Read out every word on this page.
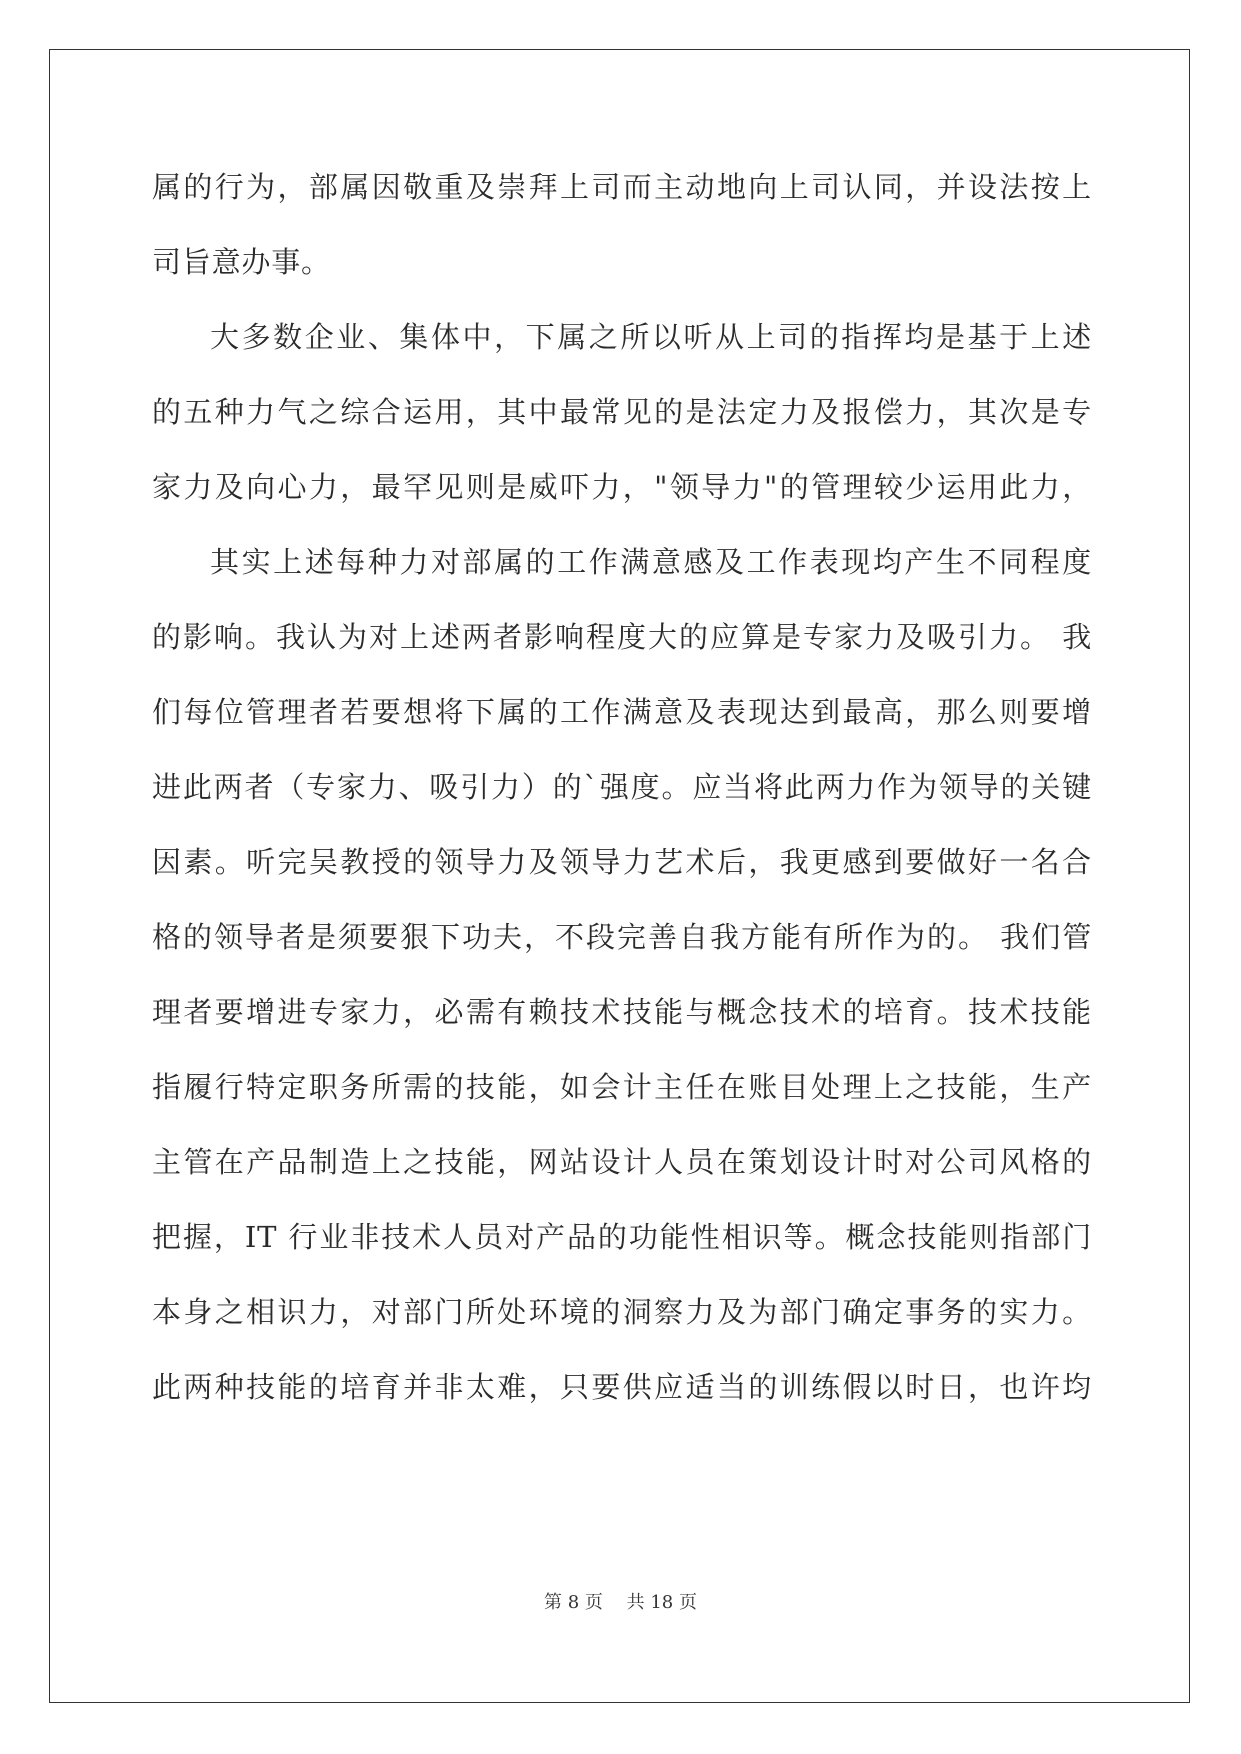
属的行为，部属因敬重及崇拜上司而主动地向上司认同，并设法按上
司旨意办事。
大多数企业、集体中，下属之所以听从上司的指挥均是基于上述
的五种力气之综合运用，其中最常见的是法定力及报偿力，其次是专
家力及向心力，最罕见则是威吓力，"领导力"的管理较少运用此力，
其实上述每种力对部属的工作满意感及工作表现均产生不同程度
的影响。我认为对上述两者影响程度大的应算是专家力及吸引力。 我
们每位管理者若要想将下属的工作满意及表现达到最高，那么则要增
进此两者（专家力、吸引力）的`强度。应当将此两力作为领导的关键
因素。听完吴教授的领导力及领导力艺术后，我更感到要做好一名合
格的领导者是须要狠下功夫，不段完善自我方能有所作为的。 我们管
理者要增进专家力，必需有赖技术技能与概念技术的培育。技术技能
指履行特定职务所需的技能，如会计主任在账目处理上之技能，生产
主管在产品制造上之技能，网站设计人员在策划设计时对公司风格的
把握，IT 行业非技术人员对产品的功能性相识等。概念技能则指部门
本身之相识力，对部门所处环境的洞察力及为部门确定事务的实力。
此两种技能的培育并非太难，只要供应适当的训练假以时日，也许均
第 8 页　 共 18 页
